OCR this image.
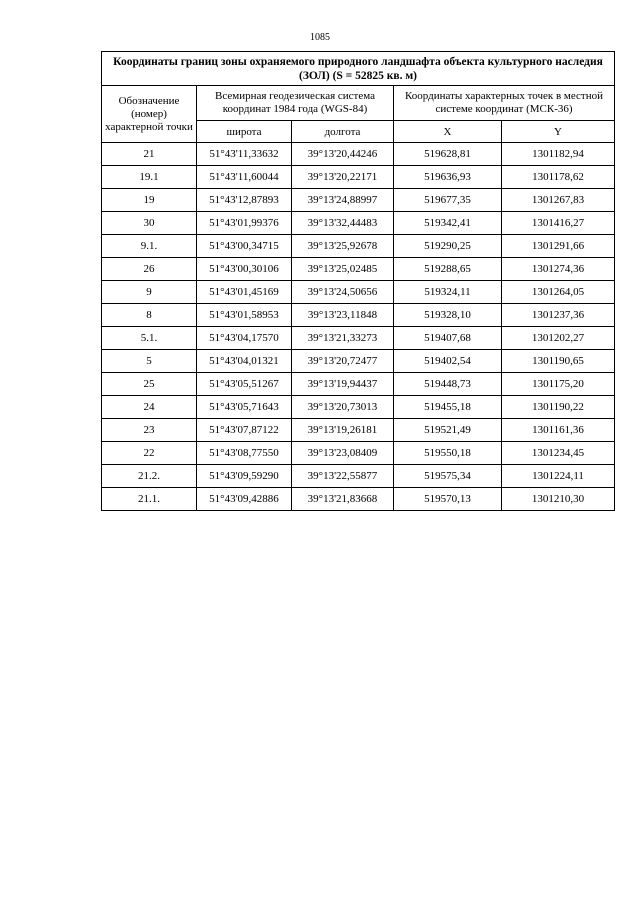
1085
Координаты границ зоны охраняемого природного ландшафта объекта культурного наследия (ЗОЛ) (S = 52825 кв. м)				
Обозначение (номер) характерной точки	Всемирная геодезическая система координат 1984 года (WGS-84)		Координаты характерных точек в местной системе координат (МСК-36)	
	широта	долгота	X	Y
21	51°43'11,33632	39°13'20,44246	519628,81	1301182,94
19.1	51°43'11,60044	39°13'20,22171	519636,93	1301178,62
19	51°43'12,87893	39°13'24,88997	519677,35	1301267,83
30	51°43'01,99376	39°13'32,44483	519342,41	1301416,27
9.1.	51°43'00,34715	39°13'25,92678	519290,25	1301291,66
26	51°43'00,30106	39°13'25,02485	519288,65	1301274,36
9	51°43'01,45169	39°13'24,50656	519324,11	1301264,05
8	51°43'01,58953	39°13'23,11848	519328,10	1301237,36
5.1.	51°43'04,17570	39°13'21,33273	519407,68	1301202,27
5	51°43'04,01321	39°13'20,72477	519402,54	1301190,65
25	51°43'05,51267	39°13'19,94437	519448,73	1301175,20
24	51°43'05,71643	39°13'20,73013	519455,18	1301190,22
23	51°43'07,87122	39°13'19,26181	519521,49	1301161,36
22	51°43'08,77550	39°13'23,08409	519550,18	1301234,45
21.2.	51°43'09,59290	39°13'22,55877	519575,34	1301224,11
21.1.	51°43'09,42886	39°13'21,83668	519570,13	1301210,30
